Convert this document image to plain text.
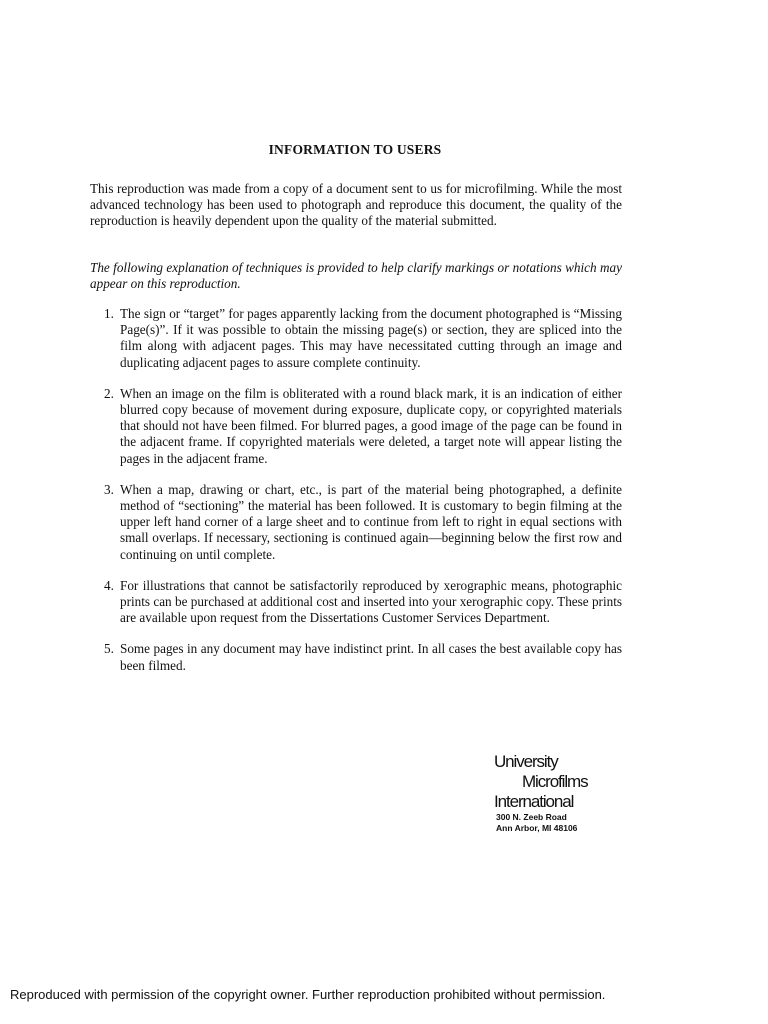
INFORMATION TO USERS

This reproduction was made from a copy of a document sent to us for microfilming. While the most advanced technology has been used to photograph and reproduce this document, the quality of the reproduction is heavily dependent upon the quality of the material submitted.

The following explanation of techniques is provided to help clarify markings or notations which may appear on this reproduction.

1. The sign or “target” for pages apparently lacking from the document photographed is “Missing Page(s)”. If it was possible to obtain the missing page(s) or section, they are spliced into the film along with adjacent pages. This may have necessitated cutting through an image and duplicating adjacent pages to assure complete continuity.
2. When an image on the film is obliterated with a round black mark, it is an indication of either blurred copy because of movement during exposure, duplicate copy, or copyrighted materials that should not have been filmed. For blurred pages, a good image of the page can be found in the adjacent frame. If copyrighted materials were deleted, a target note will appear listing the pages in the adjacent frame.
3. When a map, drawing or chart, etc., is part of the material being photographed, a definite method of “sectioning” the material has been followed. It is customary to begin filming at the upper left hand corner of a large sheet and to continue from left to right in equal sections with small overlaps. If necessary, sectioning is continued again—beginning below the first row and continuing on until complete.
4. For illustrations that cannot be satisfactorily reproduced by xerographic means, photographic prints can be purchased at additional cost and inserted into your xerographic copy. These prints are available upon request from the Dissertations Customer Services Department.
5. Some pages in any document may have indistinct print. In all cases the best available copy has been filmed.
University
Microfilms
International
300 N. Zeeb Road
Ann Arbor, MI 48106
Reproduced with permission of the copyright owner. Further reproduction prohibited without permission.
